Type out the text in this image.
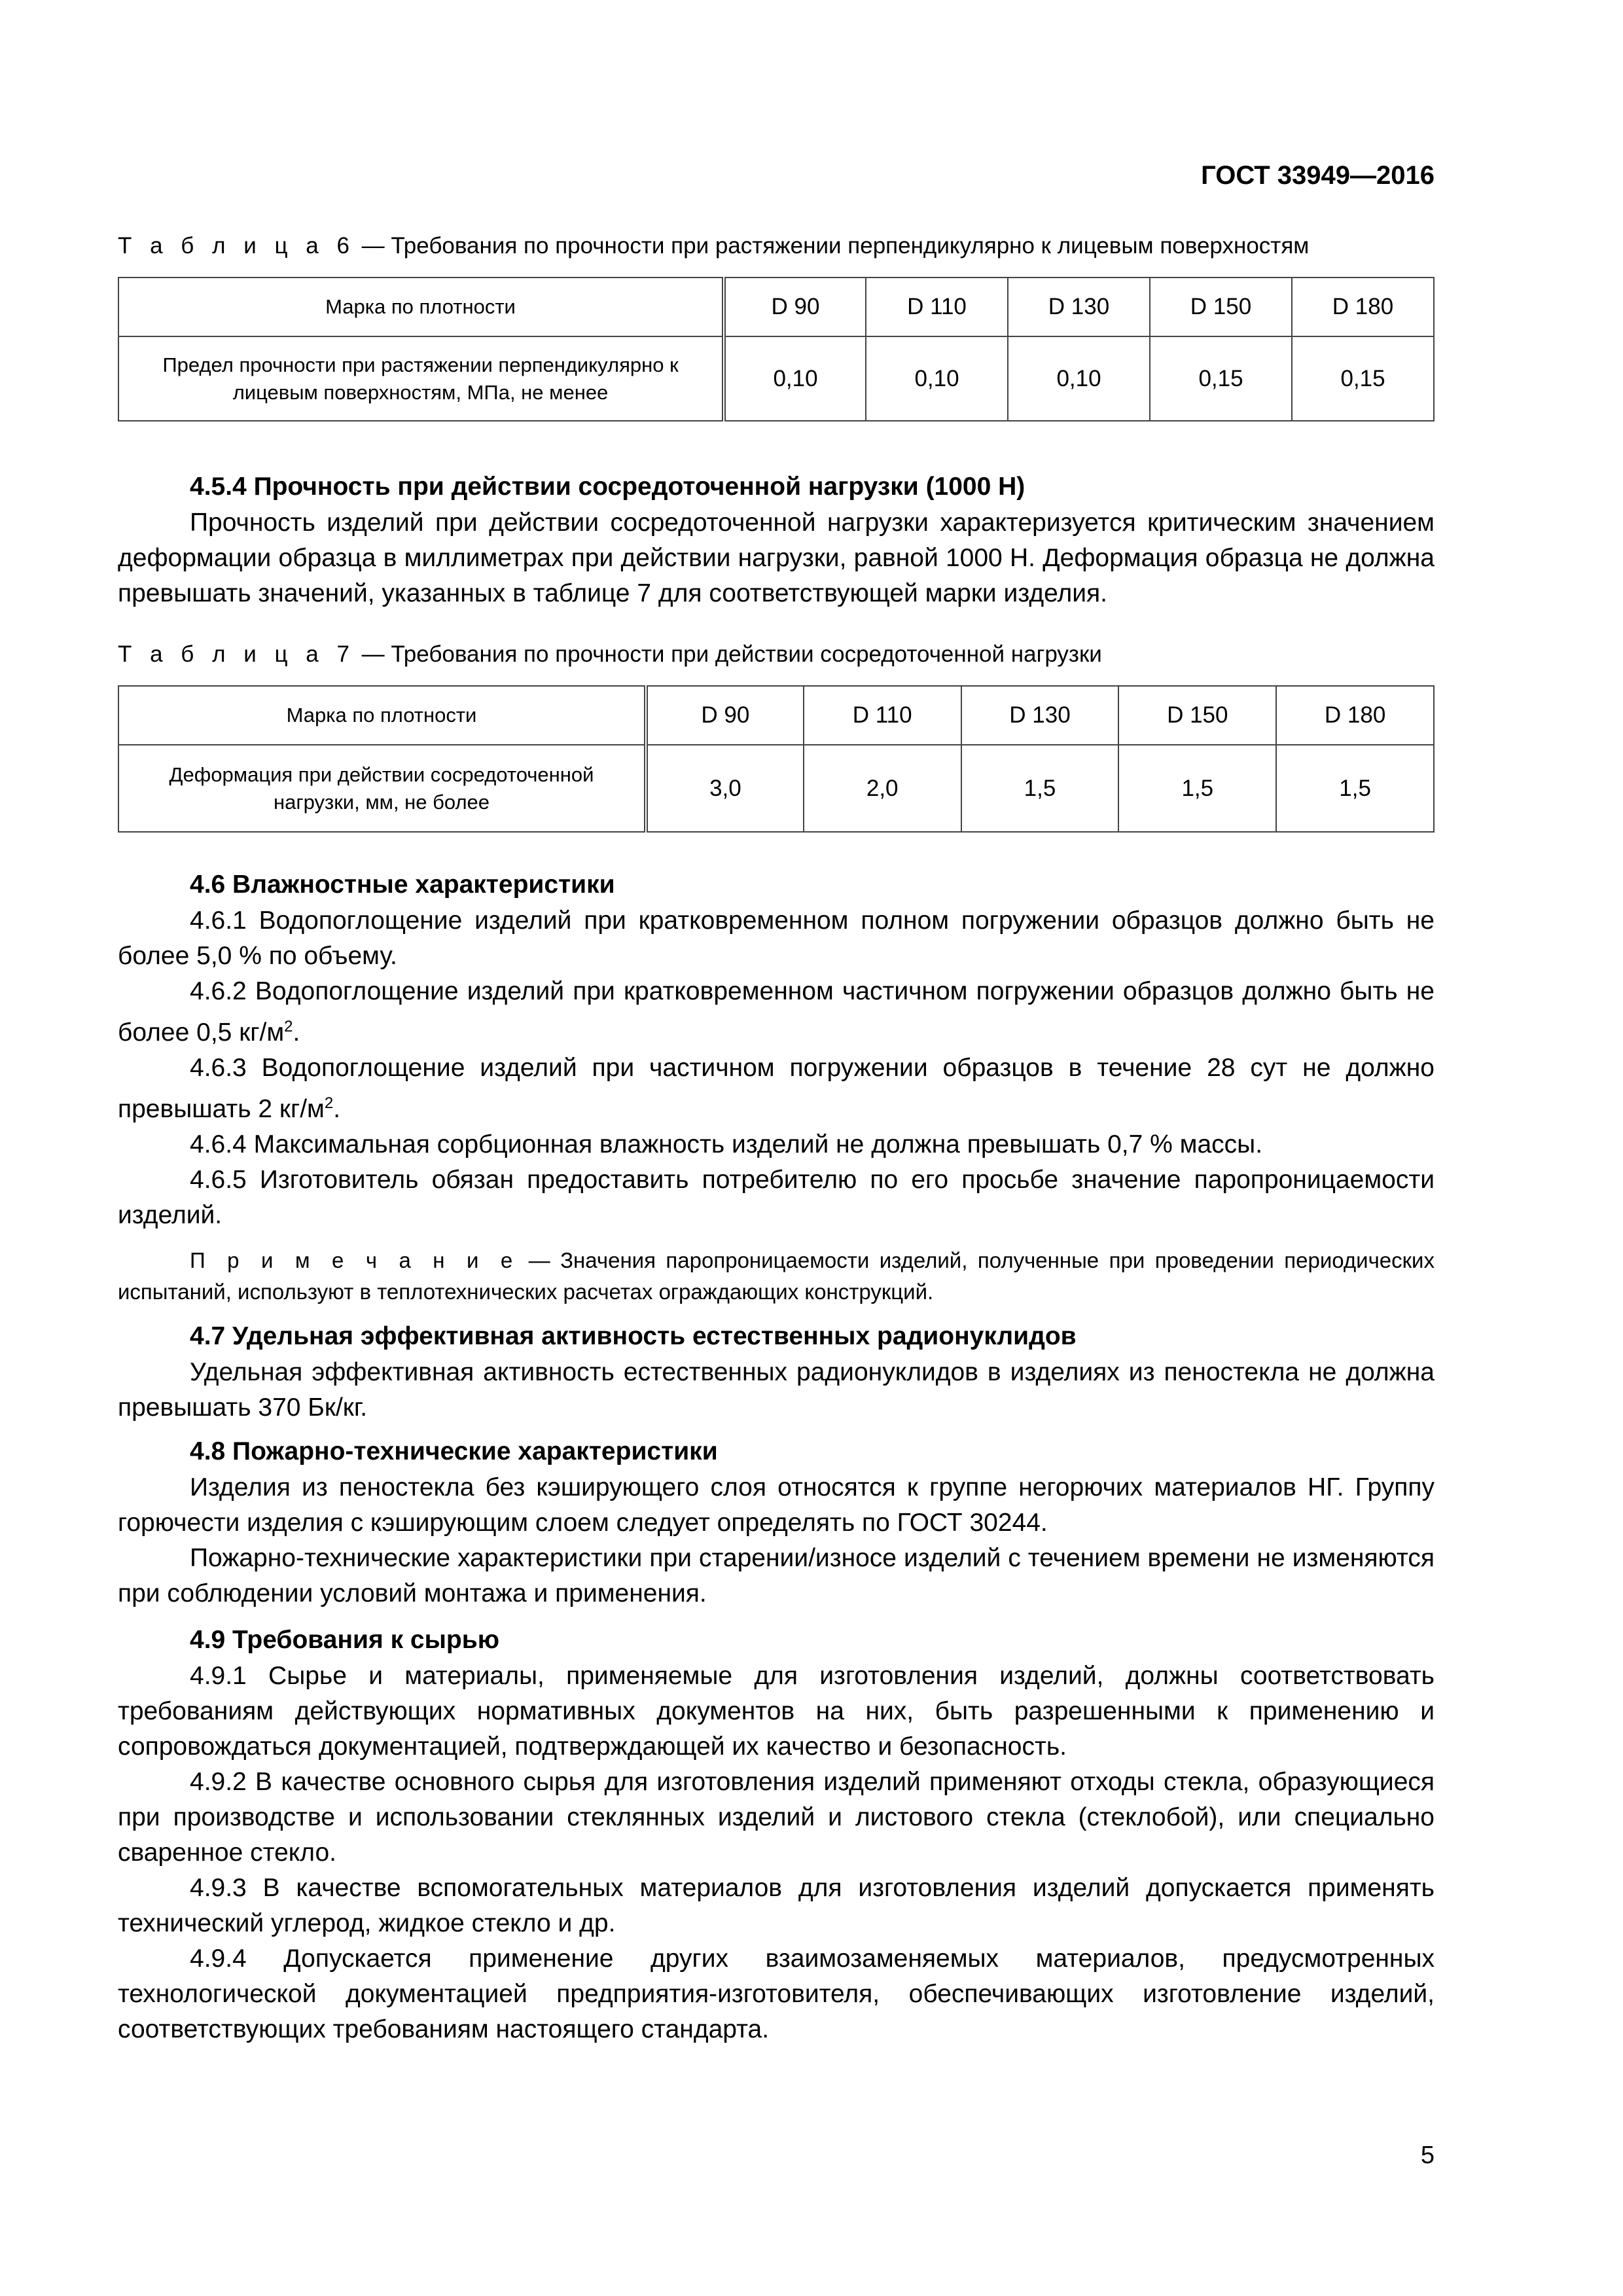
ГОСТ 33949—2016
Т а б л и ц а 6 — Требования по прочности при растяжении перпендикулярно к лицевым поверхностям
Марка по плотности	D 90	D 110	D 130	D 150	D 180
Предел прочности при растяжении перпендикулярно к лицевым поверхностям, МПа, не менее	0,10	0,10	0,10	0,15	0,15
4.5.4 Прочность при действии сосредоточенной нагрузки (1000 Н)

Прочность изделий при действии сосредоточенной нагрузки характеризуется критическим значением деформации образца в миллиметрах при действии нагрузки, равной 1000 Н. Деформация образца не должна превышать значений, указанных в таблице 7 для соответствующей марки изделия.

Т а б л и ц а 7 — Требования по прочности при действии сосредоточенной нагрузки
Марка по плотности	D 90	D 110	D 130	D 150	D 180
Деформация при действии сосредоточенной нагрузки, мм, не более	3,0	2,0	1,5	1,5	1,5
4.6 Влажностные характеристики

4.6.1 Водопоглощение изделий при кратковременном полном погружении образцов должно быть не более 5,0 % по объему.

4.6.2 Водопоглощение изделий при кратковременном частичном погружении образцов должно быть не более 0,5 $кг/м^2$.

4.6.3 Водопоглощение изделий при частичном погружении образцов в течение 28 сут не должно превышать 2 $кг/м^2$.

4.6.4 Максимальная сорбционная влажность изделий не должна превышать 0,7 % массы.

4.6.5 Изготовитель обязан предоставить потребителю по его просьбе значение паропроницаемости изделий.

П р и м е ч а н и е — Значения паропроницаемости изделий, полученные при проведении периодических испытаний, используют в теплотехнических расчетах ограждающих конструкций.
4.7 Удельная эффективная активность естественных радионуклидов

Удельная эффективная активность естественных радионуклидов в изделиях из пеностекла не должна превышать 370 Бк/кг.

4.8 Пожарно-технические характеристики

Изделия из пеностекла без кэширующего слоя относятся к группе негорючих материалов НГ. Группу горючести изделия с кэширующим слоем следует определять по ГОСТ 30244.

Пожарно-технические характеристики при старении/износе изделий с течением времени не изменяются при соблюдении условий монтажа и применения.

4.9 Требования к сырью

4.9.1 Сырье и материалы, применяемые для изготовления изделий, должны соответствовать требованиям действующих нормативных документов на них, быть разрешенными к применению и сопровождаться документацией, подтверждающей их качество и безопасность.

4.9.2 В качестве основного сырья для изготовления изделий применяют отходы стекла, образующиеся при производстве и использовании стеклянных изделий и листового стекла (стеклобой), или специально сваренное стекло.

4.9.3 В качестве вспомогательных материалов для изготовления изделий допускается применять технический углерод, жидкое стекло и др.

4.9.4 Допускается применение других взаимозаменяемых материалов, предусмотренных технологической документацией предприятия-изготовителя, обеспечивающих изготовление изделий, соответствующих требованиям настоящего стандарта.

5
